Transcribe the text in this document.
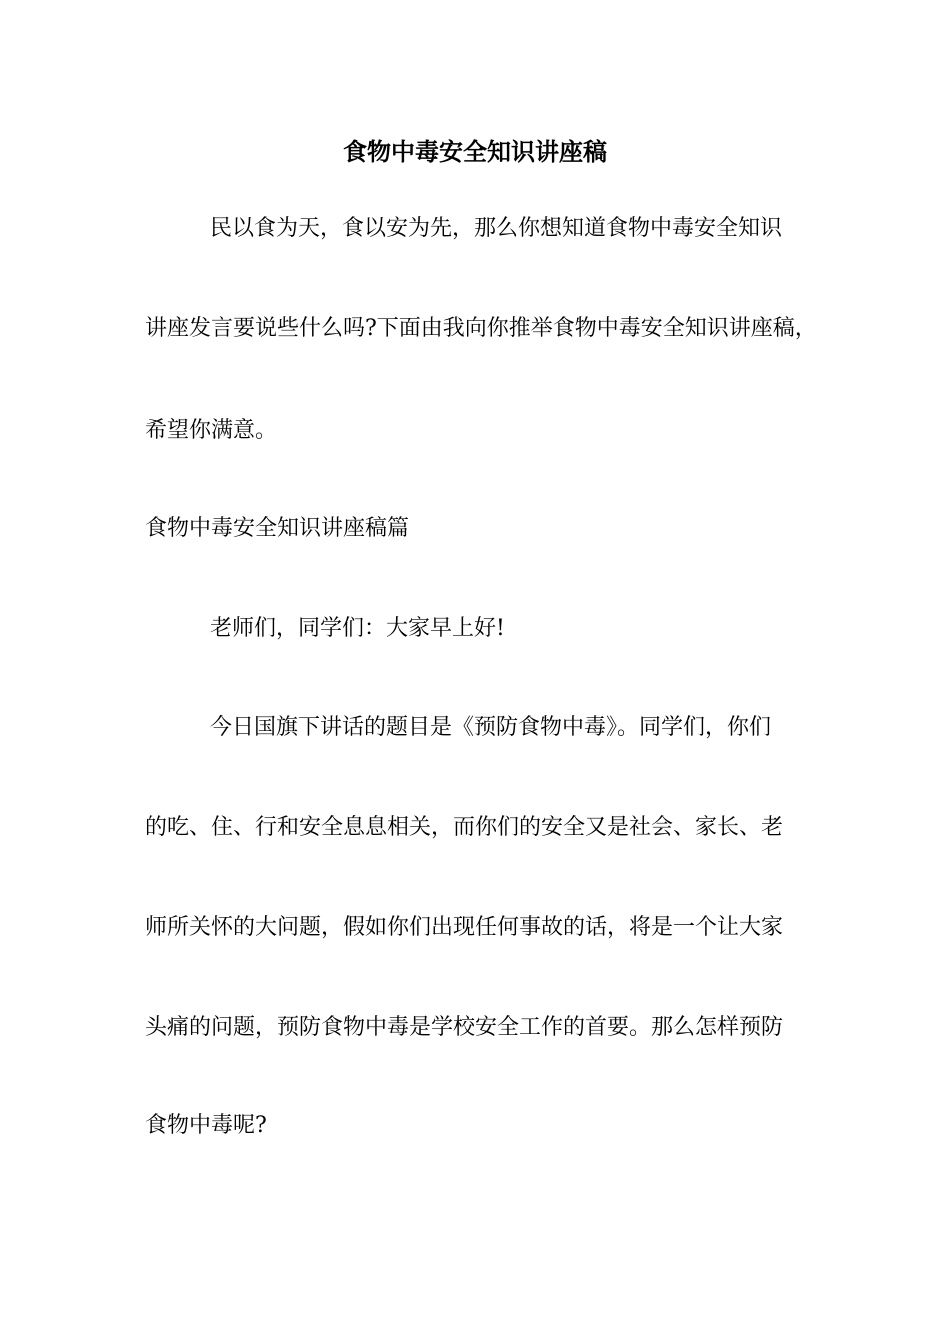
食物中毒安全知识讲座稿

民以食为天，食以安为先，那么你想知道食物中毒安全知识

讲座发言要说些什么吗?下面由我向你推举食物中毒安全知识讲座稿，

希望你满意。

食物中毒安全知识讲座稿篇

老师们，同学们：大家早上好!

今日国旗下讲话的题目是《预防食物中毒》。同学们，你们

的吃、住、行和安全息息相关，而你们的安全又是社会、家长、老

师所关怀的大问题，假如你们出现任何事故的话，将是一个让大家

头痛的问题，预防食物中毒是学校安全工作的首要。那么怎样预防

食物中毒呢?
